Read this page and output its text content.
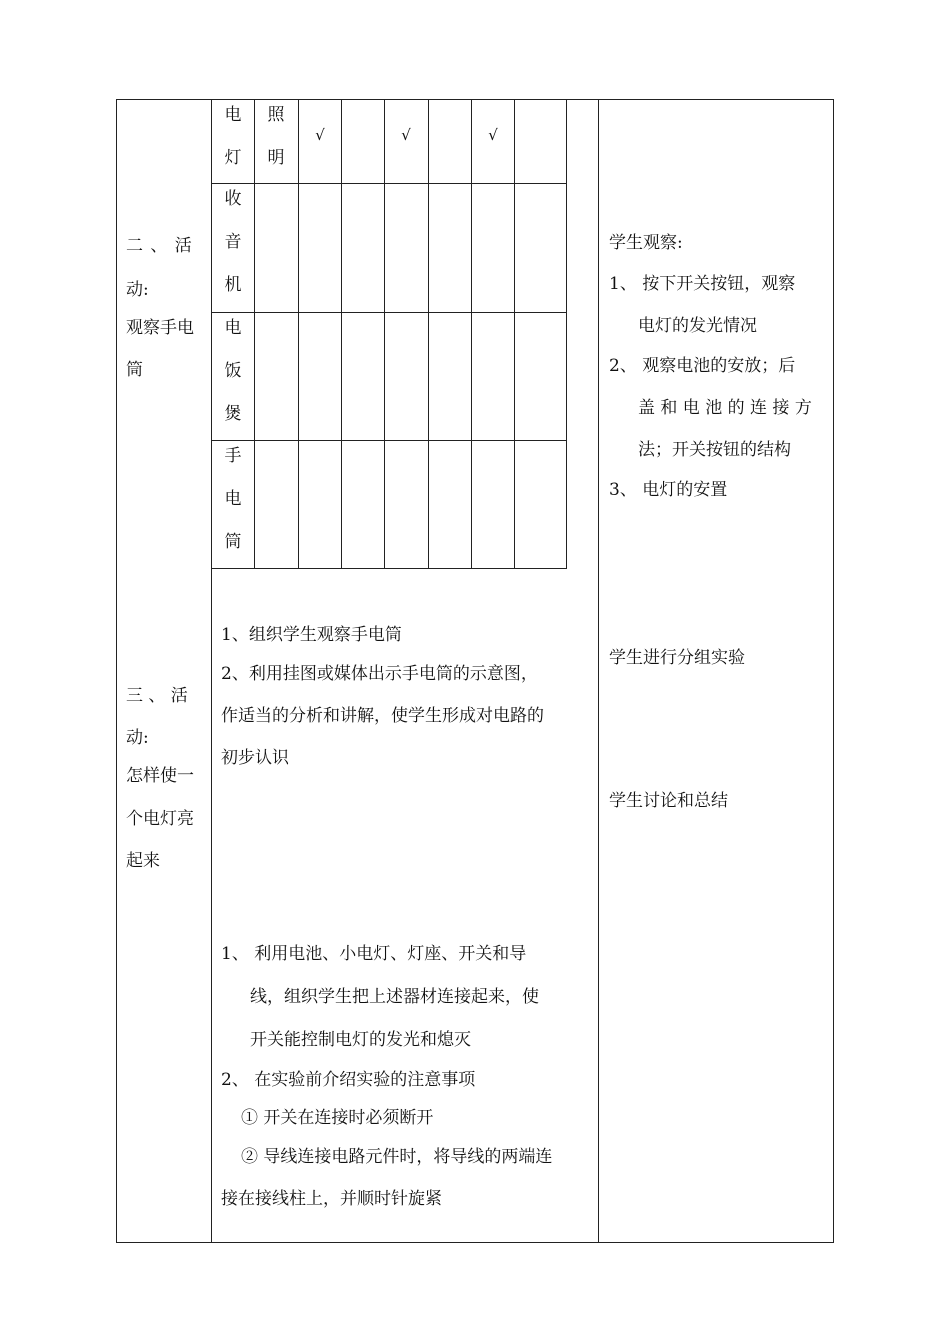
电
灯
照
明
√	√	√
收
音
机
电
饭
煲
手
电
筒
二 、 活
动:
观察手电
筒
学生观察:
1、 按下开关按钮，观察
电灯的发光情况
2、 观察电池的安放；后
盖 和 电 池 的 连 接 方
法；开关按钮的结构
3、 电灯的安置
三 、 活
动:
怎样使一
个电灯亮
起来
1、组织学生观察手电筒
2、利用挂图或媒体出示手电筒的示意图，
作适当的分析和讲解，使学生形成对电路的
初步认识
1、 利用电池、小电灯、灯座、开关和导
线，组织学生把上述器材连接起来，使
开关能控制电灯的发光和熄灭
2、 在实验前介绍实验的注意事项
① 开关在连接时必须断开
② 导线连接电路元件时，将导线的两端连
接在接线柱上，并顺时针旋紧
学生进行分组实验
学生讨论和总结
